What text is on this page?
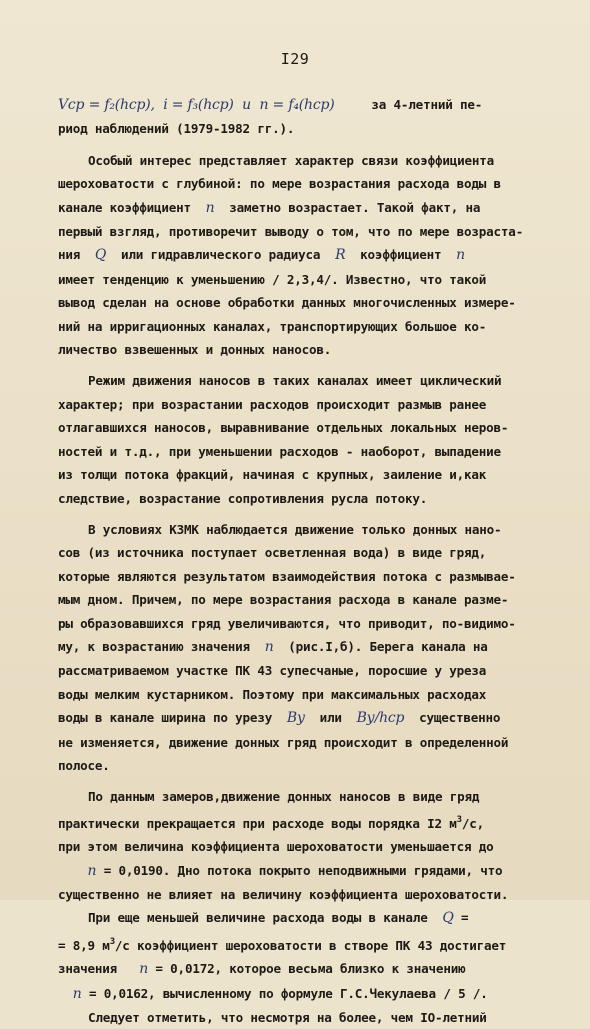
I29
Vcp = f₂(hcp),  i = f₃(hcp)  и  n = f₄(hcp)     за 4-летний пе-
риод наблюдений (1979-1982 гг.).
Особый интерес представляет характер связи коэффициента
шероховатости с глубиной: по мере возрастания расхода воды в
канале коэффициент  n  заметно возрастает. Такой факт, на
первый взгляд, противоречит выводу о том, что по мере возраста-
ния  Q  или гидравлического радиуса  R  коэффициент  n
имеет тенденцию к уменьшению / 2,3,4/. Известно, что такой
вывод сделан на основе обработки данных многочисленных измере-
ний на ирригационных каналах, транспортирующих большое ко-
личество взвешенных и донных наносов.
Режим движения наносов в таких каналах имеет циклический
характер; при возрастании расходов происходит размыв ранее
отлагавшихся наносов, выравнивание отдельных локальных неров-
ностей и т.д., при уменьшении расходов - наоборот, выпадение
из толщи потока фракций, начиная с крупных, заиление и,как
следствие, возрастание сопротивления русла потоку.
В условиях КЗМК наблюдается движение только донных нано-
сов (из источника поступает осветленная вода) в виде гряд,
которые являются результатом взаимодействия потока с размывае-
мым дном. Причем, по мере возрастания расхода в канале разме-
ры образовавшихся гряд увеличиваются, что приводит, по-видимо-
му, к возрастанию значения  n  (рис.I,б). Берега канала на
рассматриваемом участке ПК 43 супесчаные, поросшие у уреза
воды мелким кустарником. Поэтому при максимальных расходах
воды в канале ширина по урезу  Bу  или  Bу/hср  существенно
не изменяется, движение донных гряд происходит в определенной
полосе.
По данным замеров,движение донных наносов в виде гряд
практически прекращается при расходе воды порядка I2 $м^3/с$,
при этом величина коэффициента шероховатости уменьшается до
n = 0,0190. Дно потока покрыто неподвижными грядами, что
существенно не влияет на величину коэффициента шероховатости.
При еще меньшей величине расхода воды в канале  Q =
= 8,9 $м^3/с$ коэффициент шероховатости в створе ПК 43 достигает
значения   n = 0,0172, которое весьма близко к значению
n = 0,0162, вычисленному по формуле Г.С.Чекулаева / 5 /.
Следует отметить, что несмотря на более, чем IO-летний
